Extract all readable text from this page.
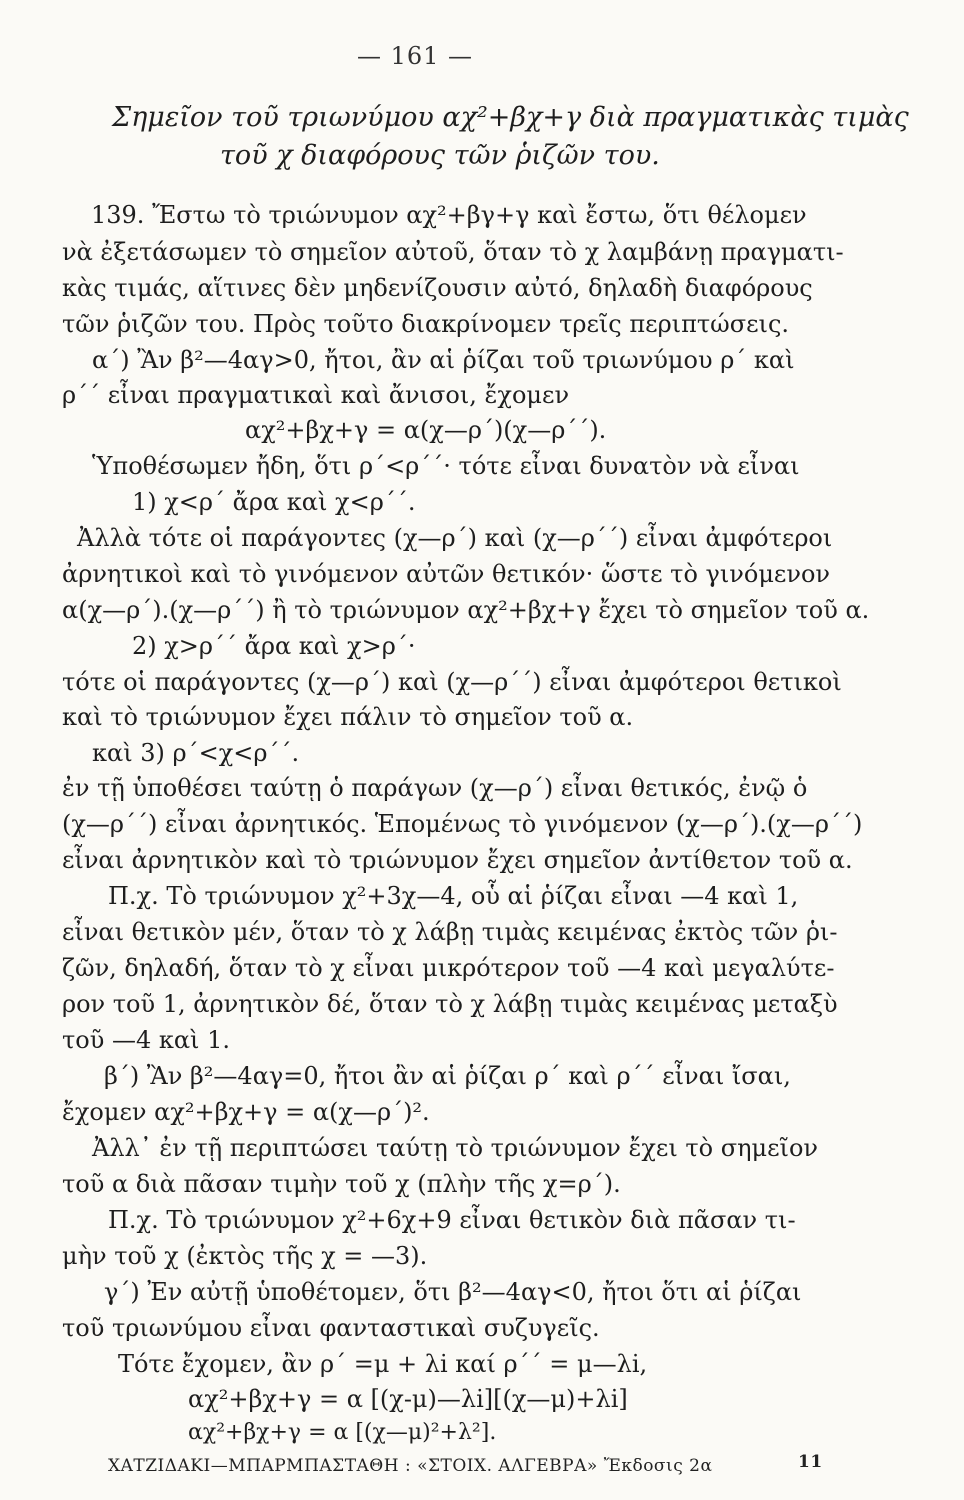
— 161 —
Σημεῖον τοῦ τριωνύμου αχ²+βχ+γ διὰ πραγματικὰς τιμὰς
τοῦ χ διαφόρους τῶν ῥιζῶν του.
139. Ἔστω τὸ τριώνυμον αχ²+βγ+γ καὶ ἔστω, ὅτι θέλομεν
νὰ ἐξετάσωμεν τὸ σημεῖον αὐτοῦ, ὅταν τὸ χ λαμβάνῃ πραγματι-
κὰς τιμάς, αἵτινες δὲν μηδενίζουσιν αὐτό, δηλαδὴ διαφόρους
τῶν ῥιζῶν του. Πρὸς τοῦτο διακρίνομεν τρεῖς περιπτώσεις.
α΄) Ἂν β²—4αγ>0, ἤτοι, ἂν αἱ ῥίζαι τοῦ τριωνύμου ρ΄ καὶ
ρ΄΄ εἶναι πραγματικαὶ καὶ ἄνισοι, ἔχομεν
αχ²+βχ+γ = α(χ—ρ΄)(χ—ρ΄΄).
Ὑποθέσωμεν ἤδη, ὅτι ρ΄<ρ΄΄· τότε εἶναι δυνατὸν νὰ εἶναι
1) χ<ρ΄ ἄρα καὶ χ<ρ΄΄.
Ἀλλὰ τότε οἱ παράγοντες (χ—ρ΄) καὶ (χ—ρ΄΄) εἶναι ἀμφότεροι
ἀρνητικοὶ καὶ τὸ γινόμενον αὐτῶν θετικόν· ὥστε τὸ γινόμενον
α(χ—ρ΄).(χ—ρ΄΄) ἢ τὸ τριώνυμον αχ²+βχ+γ ἔχει τὸ σημεῖον τοῦ α.
2) χ>ρ΄΄ ἄρα καὶ χ>ρ΄·
τότε οἱ παράγοντες (χ—ρ΄) καὶ (χ—ρ΄΄) εἶναι ἀμφότεροι θετικοὶ
καὶ τὸ τριώνυμον ἔχει πάλιν τὸ σημεῖον τοῦ α.
καὶ 3) ρ΄<χ<ρ΄΄.
ἐν τῇ ὑποθέσει ταύτῃ ὁ παράγων (χ—ρ΄) εἶναι θετικός, ἐνῷ ὁ
(χ—ρ΄΄) εἶναι ἀρνητικός. Ἑπομένως τὸ γινόμενον (χ—ρ΄).(χ—ρ΄΄)
εἶναι ἀρνητικὸν καὶ τὸ τριώνυμον ἔχει σημεῖον ἀντίθετον τοῦ α.
Π.χ. Τὸ τριώνυμον χ²+3χ—4, οὗ αἱ ῥίζαι εἶναι —4 καὶ 1,
εἶναι θετικὸν μέν, ὅταν τὸ χ λάβῃ τιμὰς κειμένας ἐκτὸς τῶν ῥι-
ζῶν, δηλαδή, ὅταν τὸ χ εἶναι μικρότερον τοῦ —4 καὶ μεγαλύτε-
ρον τοῦ 1, ἀρνητικὸν δέ, ὅταν τὸ χ λάβῃ τιμὰς κειμένας μεταξὺ
τοῦ —4 καὶ 1.
β΄) Ἂν β²—4αγ=0, ἤτοι ἂν αἱ ῥίζαι ρ΄ καὶ ρ΄΄ εἶναι ἴσαι,
ἔχομεν αχ²+βχ+γ = α(χ—ρ΄)².
Ἀλλ᾽ ἐν τῇ περιπτώσει ταύτῃ τὸ τριώνυμον ἔχει τὸ σημεῖον
τοῦ α διὰ πᾶσαν τιμὴν τοῦ χ (πλὴν τῆς χ=ρ΄).
Π.χ. Τὸ τριώνυμον χ²+6χ+9 εἶναι θετικὸν διὰ πᾶσαν τι-
μὴν τοῦ χ (ἐκτὸς τῆς χ = —3).
γ΄) Ἐν αὐτῇ ὑποθέτομεν, ὅτι β²—4αγ<0, ἤτοι ὅτι αἱ ῥίζαι
τοῦ τριωνύμου εἶναι φανταστικαὶ συζυγεῖς.
Τότε ἔχομεν, ἂν ρ΄ =μ + λi καί ρ΄΄ = μ—λi,
αχ²+βχ+γ = α [(χ-μ)—λi][(χ—μ)+λi]
ΧΑΤΖΙΔΑΚΙ—ΜΠΑΡΜΠΑΣΤΑΘΗ : «ΣΤΟΙΧ. ΑΛΓΕΒΡΑ» Ἔκδοσις 2α	11
αχ²+βχ+γ = α [(χ—μ)²+λ²].
